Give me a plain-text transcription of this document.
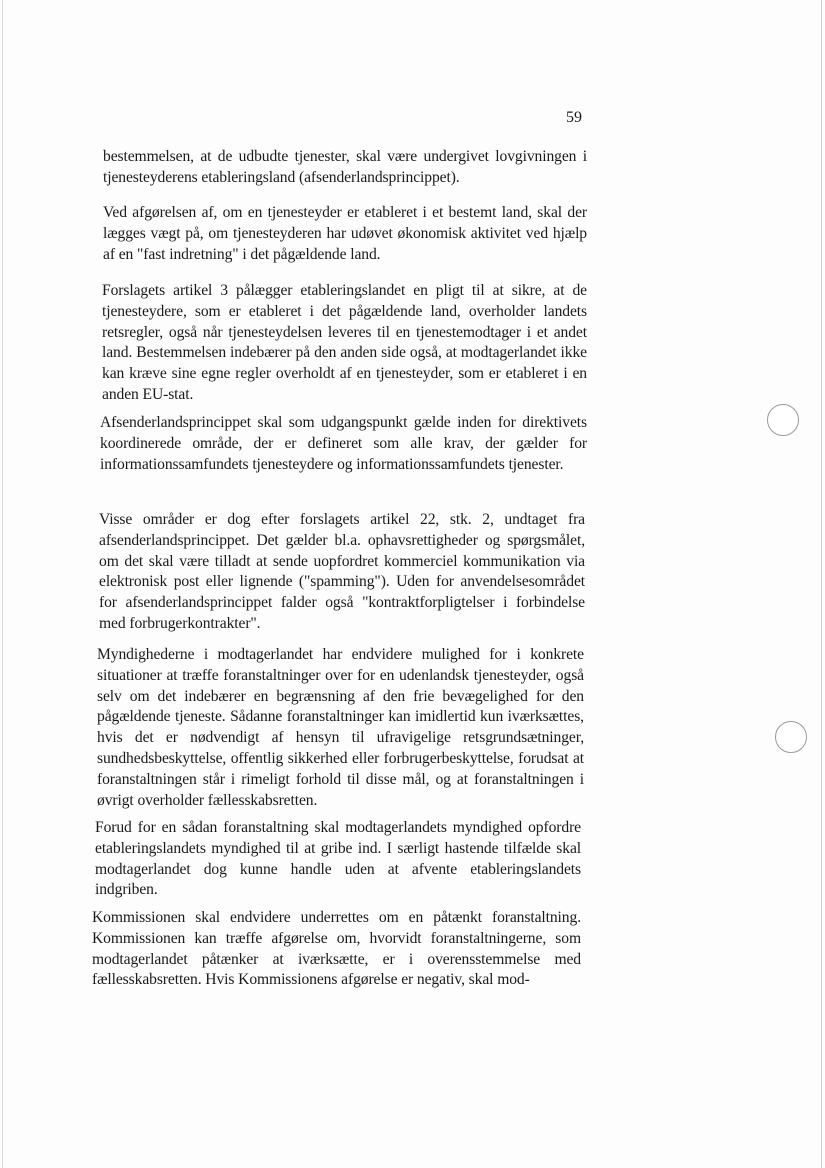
59

bestemmelsen, at de udbudte tjenester, skal være undergivet lovgivningen i tjenesteyderens etableringsland (afsenderlandsprincippet).

Ved afgørelsen af, om en tjenesteyder er etableret i et bestemt land, skal der lægges vægt på, om tjenesteyderen har udøvet økonomisk aktivitet ved hjælp af en "fast indretning" i det pågældende land.

Forslagets artikel 3 pålægger etableringslandet en pligt til at sikre, at de tjenesteydere, som er etableret i det pågældende land, overholder landets retsregler, også når tjenesteydelsen leveres til en tjenestemodtager i et andet land. Bestemmelsen indebærer på den anden side også, at modtagerlandet ikke kan kræve sine egne regler overholdt af en tjenesteyder, som er etableret i en anden EU-stat.

Afsenderlandsprincippet skal som udgangspunkt gælde inden for direktivets koordinerede område, der er defineret som alle krav, der gælder for informationssamfundets tjenesteydere og informationssamfundets tjenester.

Visse områder er dog efter forslagets artikel 22, stk. 2, undtaget fra afsenderlandsprincippet. Det gælder bl.a. ophavsrettigheder og spørgsmålet, om det skal være tilladt at sende uopfordret kommerciel kommunikation via elektronisk post eller lignende ("spamming"). Uden for anvendelsesområdet for afsenderlandsprincippet falder også "kontraktforpligtelser i forbindelse med forbrugerkontrakter".

Myndighederne i modtagerlandet har endvidere mulighed for i konkrete situationer at træffe foranstaltninger over for en udenlandsk tjenesteyder, også selv om det indebærer en begrænsning af den frie bevægelighed for den pågældende tjeneste. Sådanne foranstaltninger kan imidlertid kun iværksættes, hvis det er nødvendigt af hensyn til ufravigelige retsgrundsætninger, sundhedsbeskyttelse, offentlig sikkerhed eller forbrugerbeskyttelse, forudsat at foranstaltningen står i rimeligt forhold til disse mål, og at foranstaltningen i øvrigt overholder fællesskabsretten.

Forud for en sådan foranstaltning skal modtagerlandets myndighed opfordre etableringslandets myndighed til at gribe ind. I særligt hastende tilfælde skal modtagerlandet dog kunne handle uden at afvente etableringslandets indgriben.

Kommissionen skal endvidere underrettes om en påtænkt foranstaltning. Kommissionen kan træffe afgørelse om, hvorvidt foranstaltningerne, som modtagerlandet påtænker at iværksætte, er i overensstemmelse med fællesskabsretten. Hvis Kommissionens afgørelse er negativ, skal mod-
